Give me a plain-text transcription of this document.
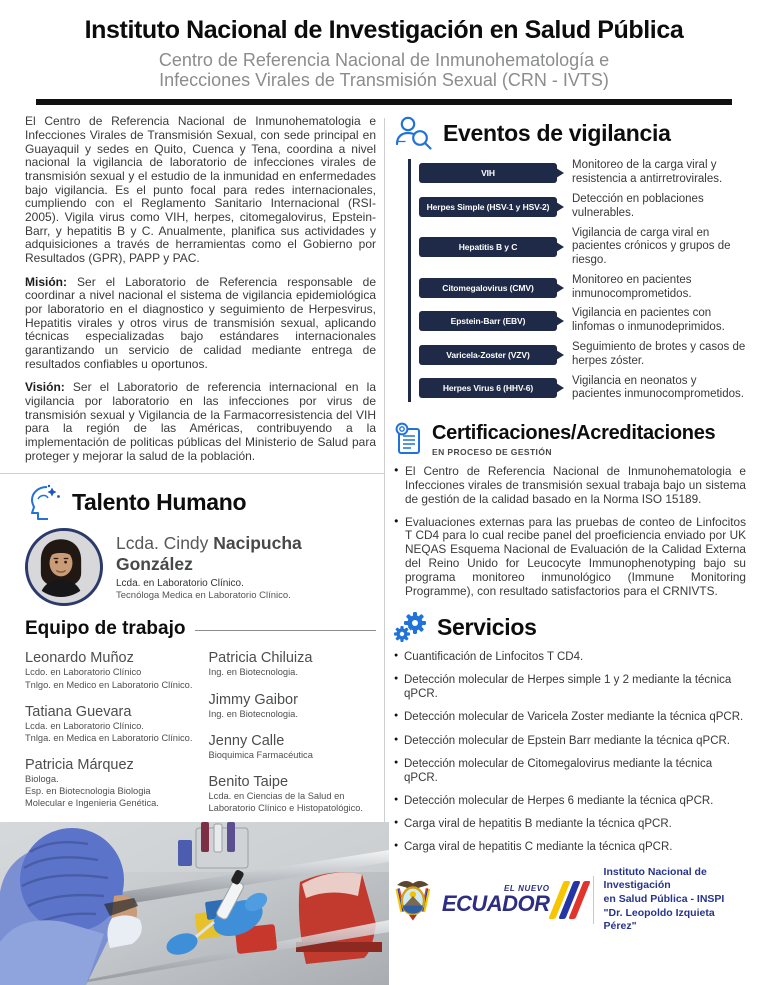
Instituto Nacional de Investigación en Salud Pública
Centro de Referencia Nacional de Inmunohematología e
Infecciones Virales de Transmisión Sexual (CRN - IVTS)

El Centro de Referencia Nacional de Inmunohematologia e Infecciones Virales de Transmisión Sexual, con sede principal en Guayaquil y sedes en Quito, Cuenca y Tena, coordina a nivel nacional la vigilancia de laboratorio de infecciones virales de transmisión sexual y el estudio de la inmunidad en enfermedades bajo vigilancia. Es el punto focal para redes internacionales, cumpliendo con el Reglamento Sanitario Internacional (RSI-2005). Vigila virus como VIH, herpes, citomegalovirus, Epstein-Barr, y hepatitis B y C. Anualmente, planifica sus actividades y adquisiciones a través de herramientas como el Gobierno por Resultados (GPR), PAPP y PAC.

Misión: Ser el Laboratorio de Referencia responsable de coordinar a nivel nacional el sistema de vigilancia epidemiológica por laboratorio en el diagnostico y seguimiento de Herpesvirus, Hepatitis virales y otros virus de transmisión sexual, aplicando técnicas especializadas bajo estándares internacionales garantizando un servicio de calidad mediante entrega de resultados confiables u oportunos.

Visión: Ser el Laboratorio de referencia internacional en la vigilancia por laboratorio en las infecciones por virus de transmisión sexual y Vigilancia de la Farmacorresistencia del VIH para la región de las Américas, contribuyendo a la implementación de politicas públicas del Ministerio de Salud para proteger y mejorar la salud de la población.

Talento Humano
Lcda. Cindy Nacipucha González
Lcda. en Laboratorio Clínico.
Tecnóloga Medica en Laboratorio Clínico.
Equipo de trabajo
Leonardo Muñoz
Lcdo. en Laboratorio Clínico
Tnlgo. en Medico en Laboratorio Clínico.
Tatiana Guevara
Lcda. en Laboratorio Clínico.
Tnlga. en Medica en Laboratorio Clínico.
Patricia Márquez
Biologa.
Esp. en Biotecnologia Biologia Molecular e Ingenieria Genética.
Patricia Chiluiza
Ing. en Biotecnologia.
Jimmy Gaibor
Ing. en Biotecnologia.
Jenny Calle
Bioquimica Farmacéutica
Benito Taipe
Lcda. en Ciencias de la Salud en Laboratorio Clínico e Histopatológico.
Eventos de vigilancia
VIH
Monitoreo de la carga viral y resistencia a antirretrovirales.
Herpes Simple (HSV-1 y HSV-2)
Detección en poblaciones vulnerables.
Hepatitis B y C
Vigilancia de carga viral en pacientes crónicos y grupos de riesgo.
Citomegalovirus (CMV)
Monitoreo en pacientes inmunocomprometidos.
Epstein-Barr (EBV)
Vigilancia en pacientes con linfomas o inmunodeprimidos.
Varicela-Zoster (VZV)
Seguimiento de brotes y casos de herpes zóster.
Herpes Virus 6 (HHV-6)
Vigilancia en neonatos y pacientes inmunocomprometidos.
Certificaciones/Acreditaciones
EN PROCESO DE GESTIÓN

● El Centro de Referencia Nacional de Inmunohematologia e Infecciones virales de transmisión sexual trabaja bajo un sistema de gestión de la calidad basado en la Norma ISO 15189.

● Evaluaciones externas para las pruebas de conteo de Linfocitos T CD4 para lo cual recibe panel del proeficiencia enviado por UK NEQAS Esquema Nacional de Evaluación de la Calidad Externa del Reino Unido for Leucocyte Immunophenotyping bajo su programa monitoreo inmunológico (Immune Monitoring Programme), con resultado satisfactorios para el CRNIVTS.

Servicios

● Cuantificación de Linfocitos T CD4.

● Detección molecular de Herpes simple 1 y 2 mediante la técnica qPCR.

● Detección molecular de Varicela Zoster mediante la técnica qPCR.

● Detección molecular de Epstein Barr mediante la técnica qPCR.

● Detección molecular de Citomegalovirus mediante la técnica qPCR.

● Detección molecular de Herpes 6 mediante la técnica qPCR.

● Carga viral de hepatitis B mediante la técnica qPCR.

● Carga viral de hepatitis C mediante la técnica qPCR.

EL NUEVO
ECUADOR
Instituto Nacional de Investigación
en Salud Pública - INSPI
"Dr. Leopoldo Izquieta Pérez"
